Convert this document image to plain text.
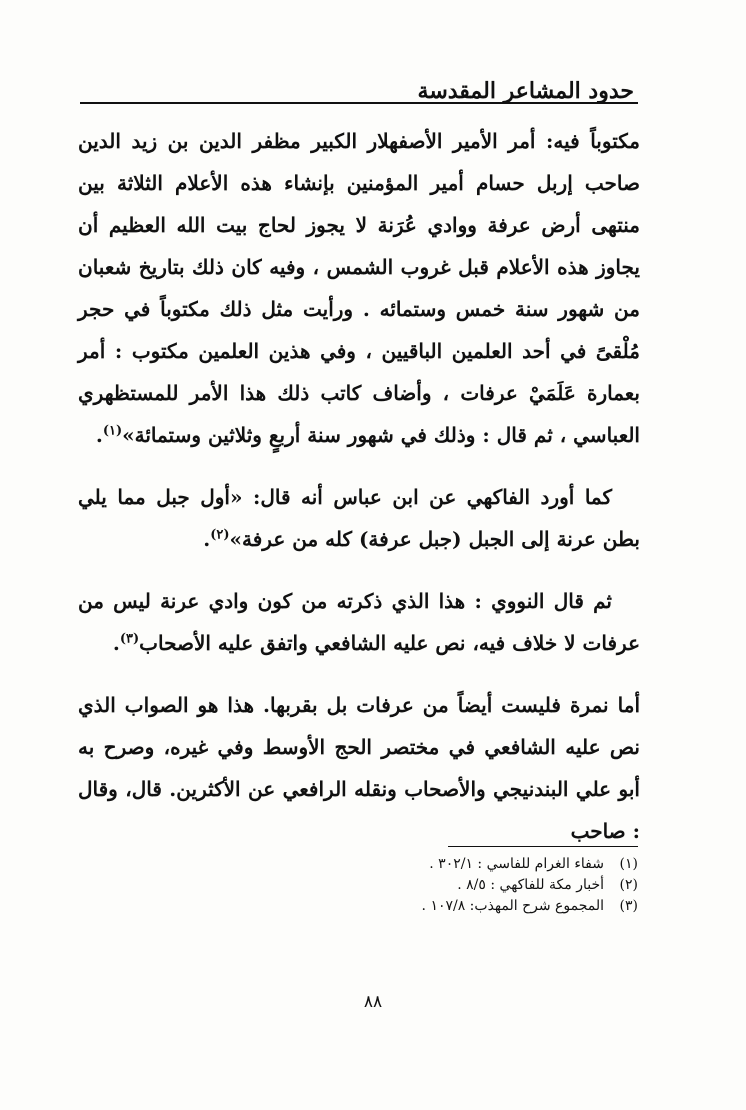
حدود المشاعر المقدسة

مكتوباً فيه: أمر الأمير الأصفهلار الكبير مظفر الدين بن زيد الدين صاحب إربل حسام أمير المؤمنين بإنشاء هذه الأعلام الثلاثة بين منتهى أرض عرفة ووادي عُرَنة لا يجوز لحاج بيت الله العظيم أن يجاوز هذه الأعلام قبل غروب الشمس ، وفيه كان ذلك بتاريخ شعبان من شهور سنة خمس وستمائه . ورأيت مثل ذلك مكتوباً في حجر مُلْقىً في أحد العلمين الباقيين ، وفي هذين العلمين مكتوب : أمر بعمارة عَلَمَيْ عرفات ، وأضاف كاتب ذلك هذا الأمر للمستظهري العباسي ، ثم قال : وذلك في شهور سنة أربعٍ وثلاثين وستمائة»$^{(١)}$.

كما أورد الفاكهي عن ابن عباس أنه قال: «أول جبل مما يلي بطن عرنة إلى الجبل (جبل عرفة) كله من عرفة»$^{(٢)}$.

ثم قال النووي : هذا الذي ذكرته من كون وادي عرنة ليس من عرفات لا خلاف فيه، نص عليه الشافعي واتفق عليه الأصحاب$^{(٣)}$.

أما نمرة فليست أيضاً من عرفات بل بقربها. هذا هو الصواب الذي نص عليه الشافعي في مختصر الحج الأوسط وفي غيره، وصرح به أبو علي البندنيجي والأصحاب ونقله الرافعي عن الأكثرين. قال، وقال : صاحب

(١)
شفاء الغرام للفاسي : ٣٠٢/١ .
(٢)
أخبار مكة للفاكهي : ٨/٥ .
(٣)
المجموع شرح المهذب: ١٠٧/٨ .
٨٨
